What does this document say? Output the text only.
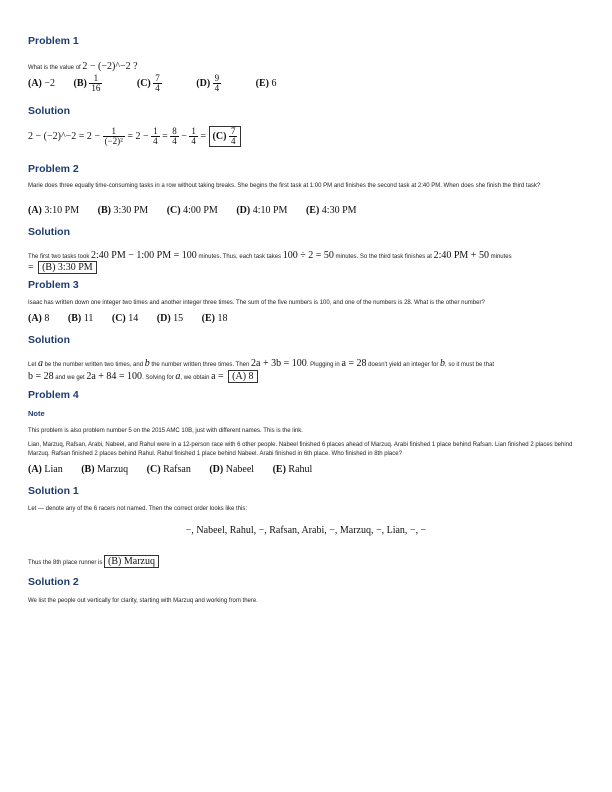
Problem 1
What is the value of 2 − (−2)^−2 ?
(A) −2 $(B) \frac{1}{16} (C) \frac{7}{4} (D) \frac{9}{4} (E)$ 6
Solution
2 − (−2)^−2 = $2 - \frac{1}{\text{(−2)²}} = 2 - \frac{1}{4} = \frac{8}{4} - \frac{1}{4} = (C) \frac{7}{4}$
Problem 2
Marie does three equally time-consuming tasks in a row without taking breaks. She begins the first task at 1:00 PM and finishes the second task at 2:40 PM. When does she finish the third task?
(A) 3:10 PM (B) 3:30 PM (C) 4:00 PM (D) 4:10 PM (E) 4:30 PM
Solution
The first two tasks took 2:40 PM − 1:00 PM = 100 minutes. Thus, each task takes 100 ÷ 2 = 50 minutes. So the third task finishes at 2:40 PM + 50 minutes
= (B) 3:30 PM
Problem 3
Isaac has written down one integer two times and another integer three times. The sum of the five numbers is 100, and one of the numbers is 28. What is the other number?
(A) 8 (B) 11 (C) 14 (D) 15 (E) 18
Solution
Let a be the number written two times, and b the number written three times. Then 2a + 3b = 100. Plugging in a = 28 doesn't yield an integer for b, so it must be that
b = 28 and we get 2a + 84 = 100. Solving for a, we obtain a = (A) 8
Problem 4
Note
This problem is also problem number 5 on the 2015 AMC 10B, just with different names. This is the link.
Lian, Marzuq, Rafsan, Arabi, Nabeel, and Rahul were in a 12-person race with 6 other people. Nabeel finished 6 places ahead of Marzuq. Arabi finished 1 place behind Rafsan. Lian finished 2 places behind Marzuq. Rafsan finished 2 places behind Rahul. Rahul finished 1 place behind Nabeel. Arabi finished in 6th place. Who finished in 8th place?
(A) Lian (B) Marzuq (C) Rafsan (D) Nabeel (E) Rahul
Solution 1
Let — denote any of the 6 racers not named. Then the correct order looks like this:
−, Nabeel, Rahul, −, Rafsan, Arabi, −, Marzuq, −, Lian, −, −
Thus the 8th place runner is (B) Marzuq
Solution 2
We list the people out vertically for clarity, starting with Marzuq and working from there.
